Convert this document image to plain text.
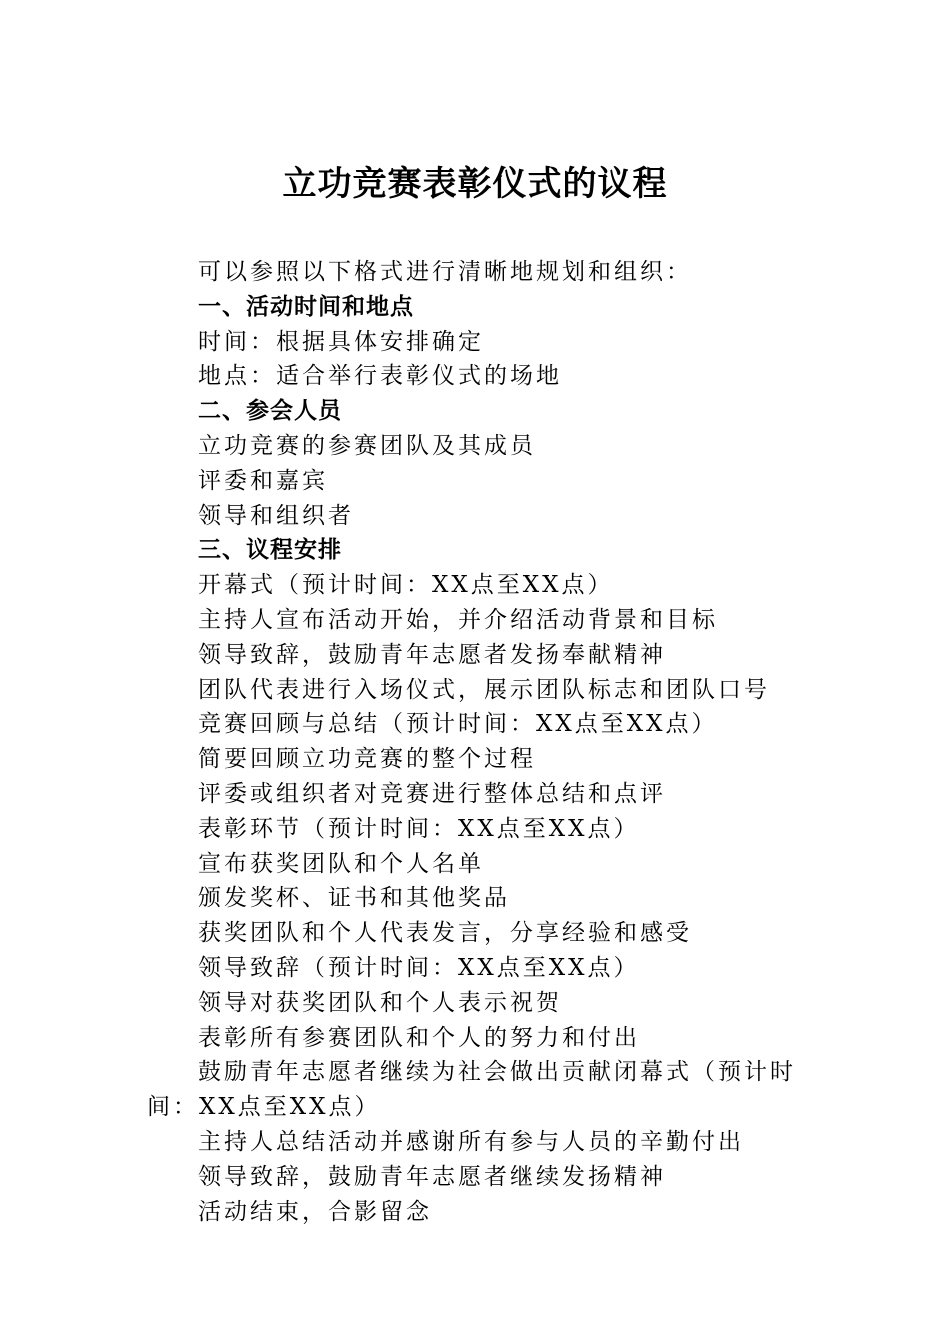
立功竞赛表彰仪式的议程
可以参照以下格式进行清晰地规划和组织：
一、活动时间和地点
时间：根据具体安排确定
地点：适合举行表彰仪式的场地
二、参会人员
立功竞赛的参赛团队及其成员
评委和嘉宾
领导和组织者
三、议程安排
开幕式（预计时间：XX点至XX点）
主持人宣布活动开始，并介绍活动背景和目标
领导致辞，鼓励青年志愿者发扬奉献精神
团队代表进行入场仪式，展示团队标志和团队口号
竞赛回顾与总结（预计时间：XX点至XX点）
简要回顾立功竞赛的整个过程
评委或组织者对竞赛进行整体总结和点评
表彰环节（预计时间：XX点至XX点）
宣布获奖团队和个人名单
颁发奖杯、证书和其他奖品
获奖团队和个人代表发言，分享经验和感受
领导致辞（预计时间：XX点至XX点）
领导对获奖团队和个人表示祝贺
表彰所有参赛团队和个人的努力和付出
鼓励青年志愿者继续为社会做出贡献闭幕式（预计时间：XX点至XX点）
主持人总结活动并感谢所有参与人员的辛勤付出
领导致辞，鼓励青年志愿者继续发扬精神
活动结束，合影留念
